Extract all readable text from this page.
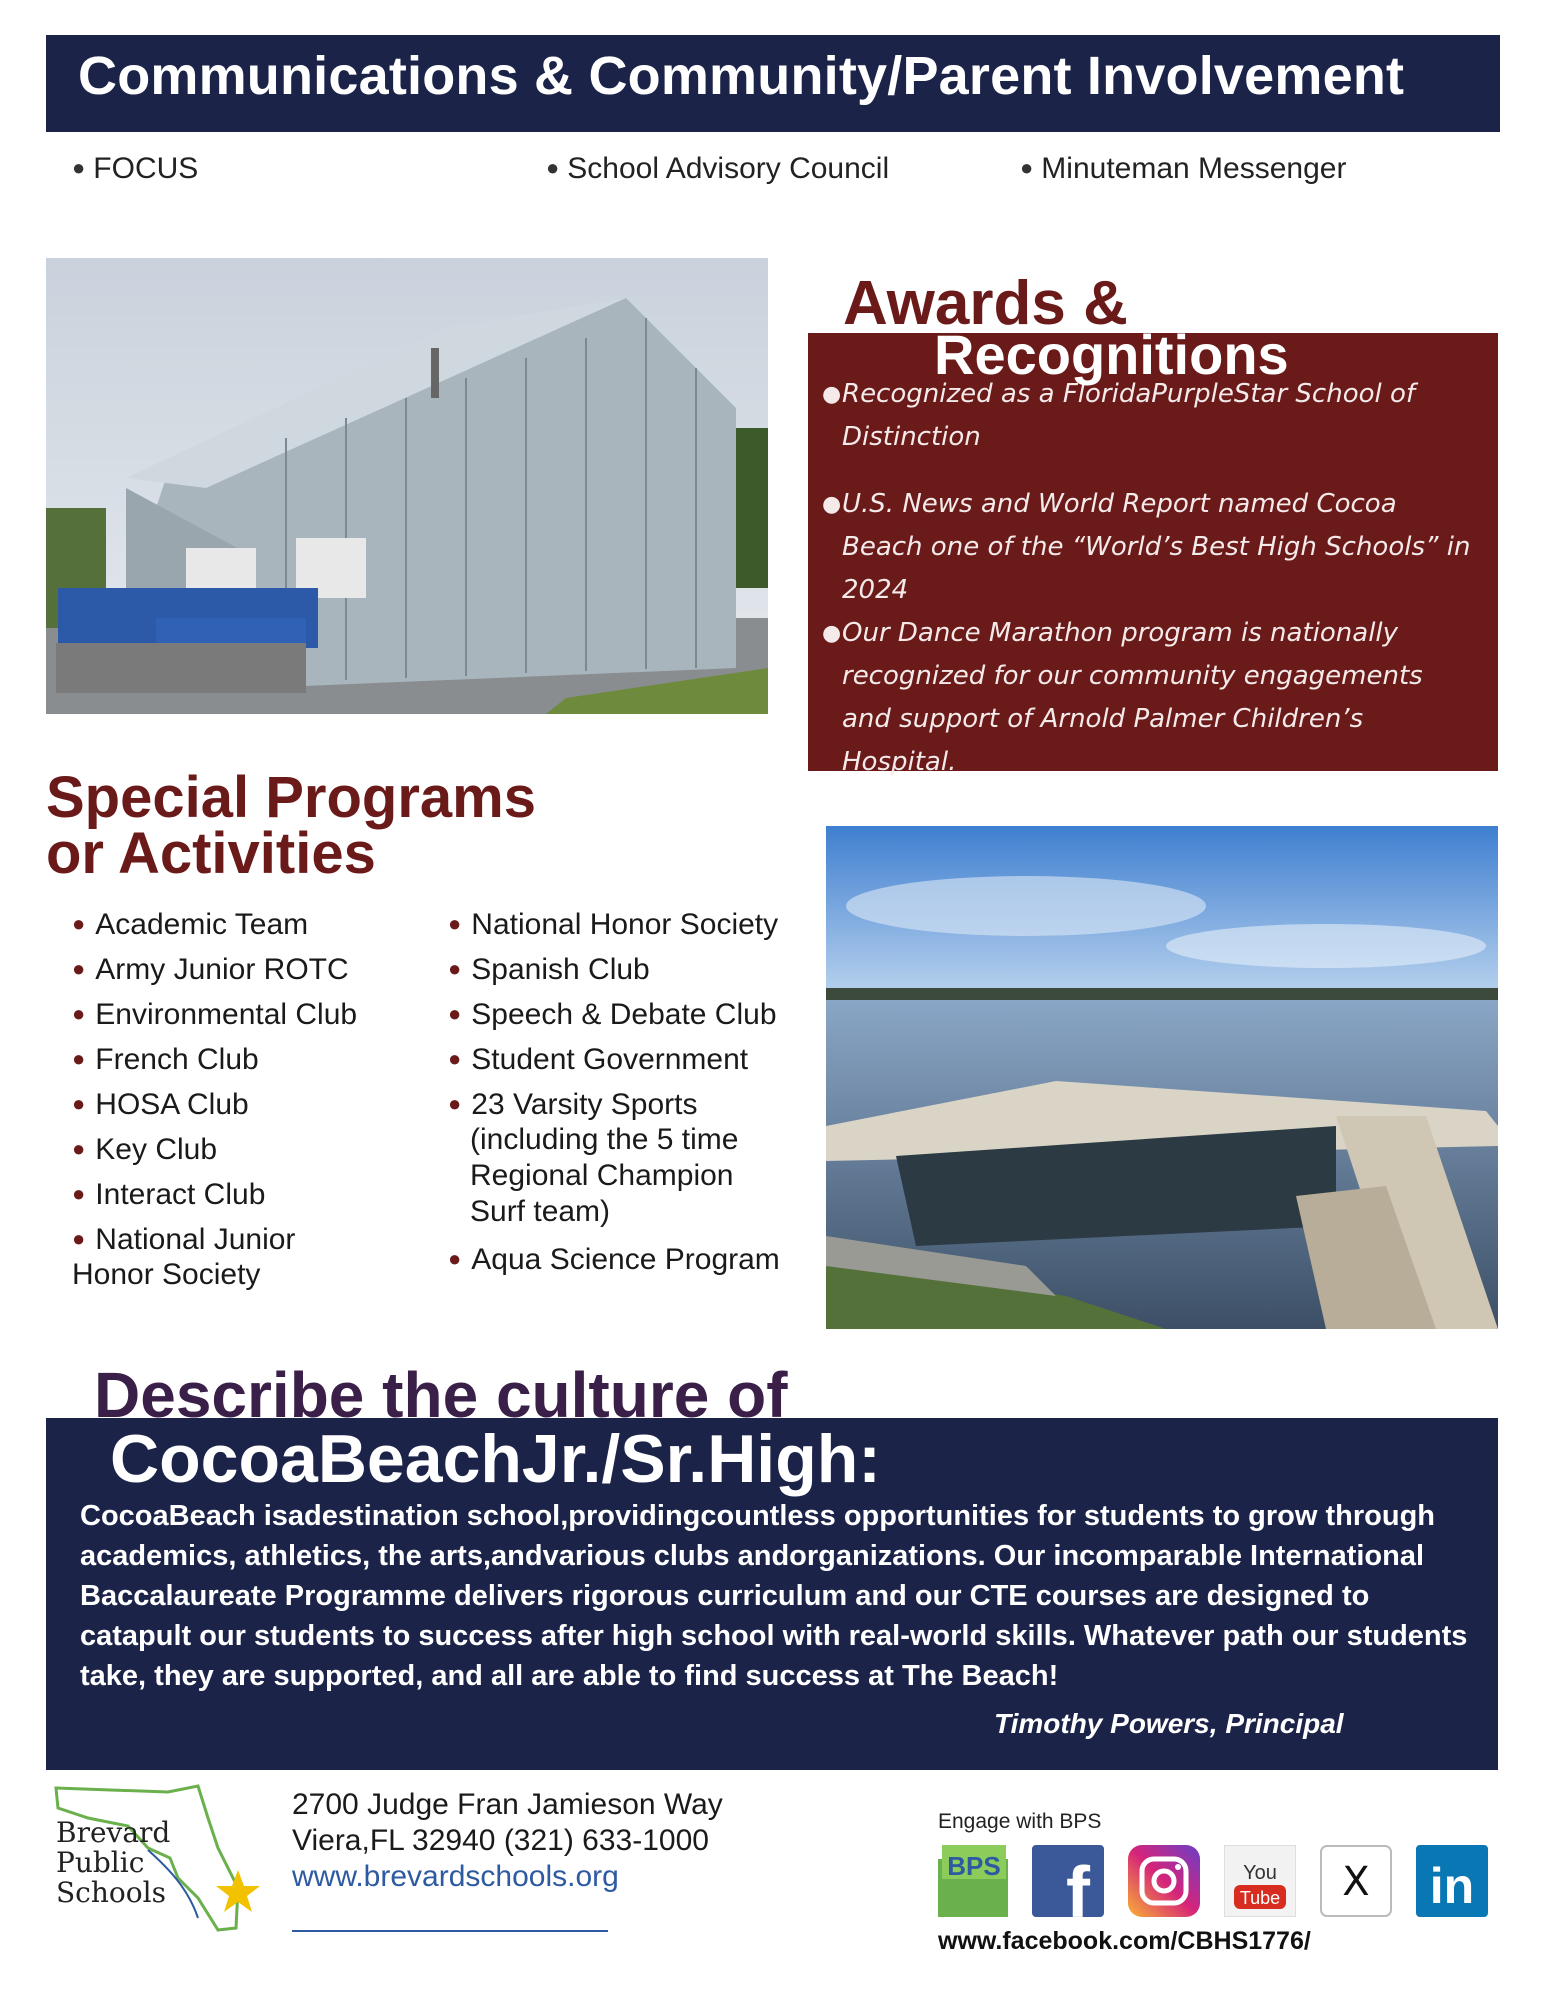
Communications & Community/Parent Involvement
● FOCUS	● School Advisory Council	● Minuteman Messenger
● Recognized as a FloridaPurpleStar School of Distinction
● U.S. News and World Report named Cocoa Beach one of the “World’s Best High Schools” in 2024
● Our Dance Marathon program is nationally recognized for our community engagements and support of Arnold Palmer Children’s Hospital.
Awards &
Recognitions
Special Programs
or Activities
● Academic Team
● Army Junior ROTC
● Environmental Club
● French Club
● HOSA Club
● Key Club
● Interact Club
● National Junior
Honor Society
● National Honor Society
● Spanish Club
● Speech & Debate Club
● Student Government
● 23 Varsity Sports
(including the 5 time
Regional Champion
Surf team)
● Aqua Science Program
Describe the culture of
CocoaBeachJr./Sr.High:
CocoaBeach isadestination school,providingcountless opportunities for students to grow through academics, athletics, the arts,andvarious clubs andorganizations. Our incomparable International Baccalaureate Programme delivers rigorous curriculum and our CTE courses are designed to catapult our students to success after high school with real-world skills. Whatever path our students take, they are supported, and all are able to find success at The Beach!
Timothy Powers, Principal
Brevard
Public
Schools
2700 Judge Fran Jamieson Way
Viera,FL 32940 (321) 633-1000
www.brevardschools.org
Engage with BPS
BPS f	You
Tube X in
www.facebook.com/CBHS1776/
